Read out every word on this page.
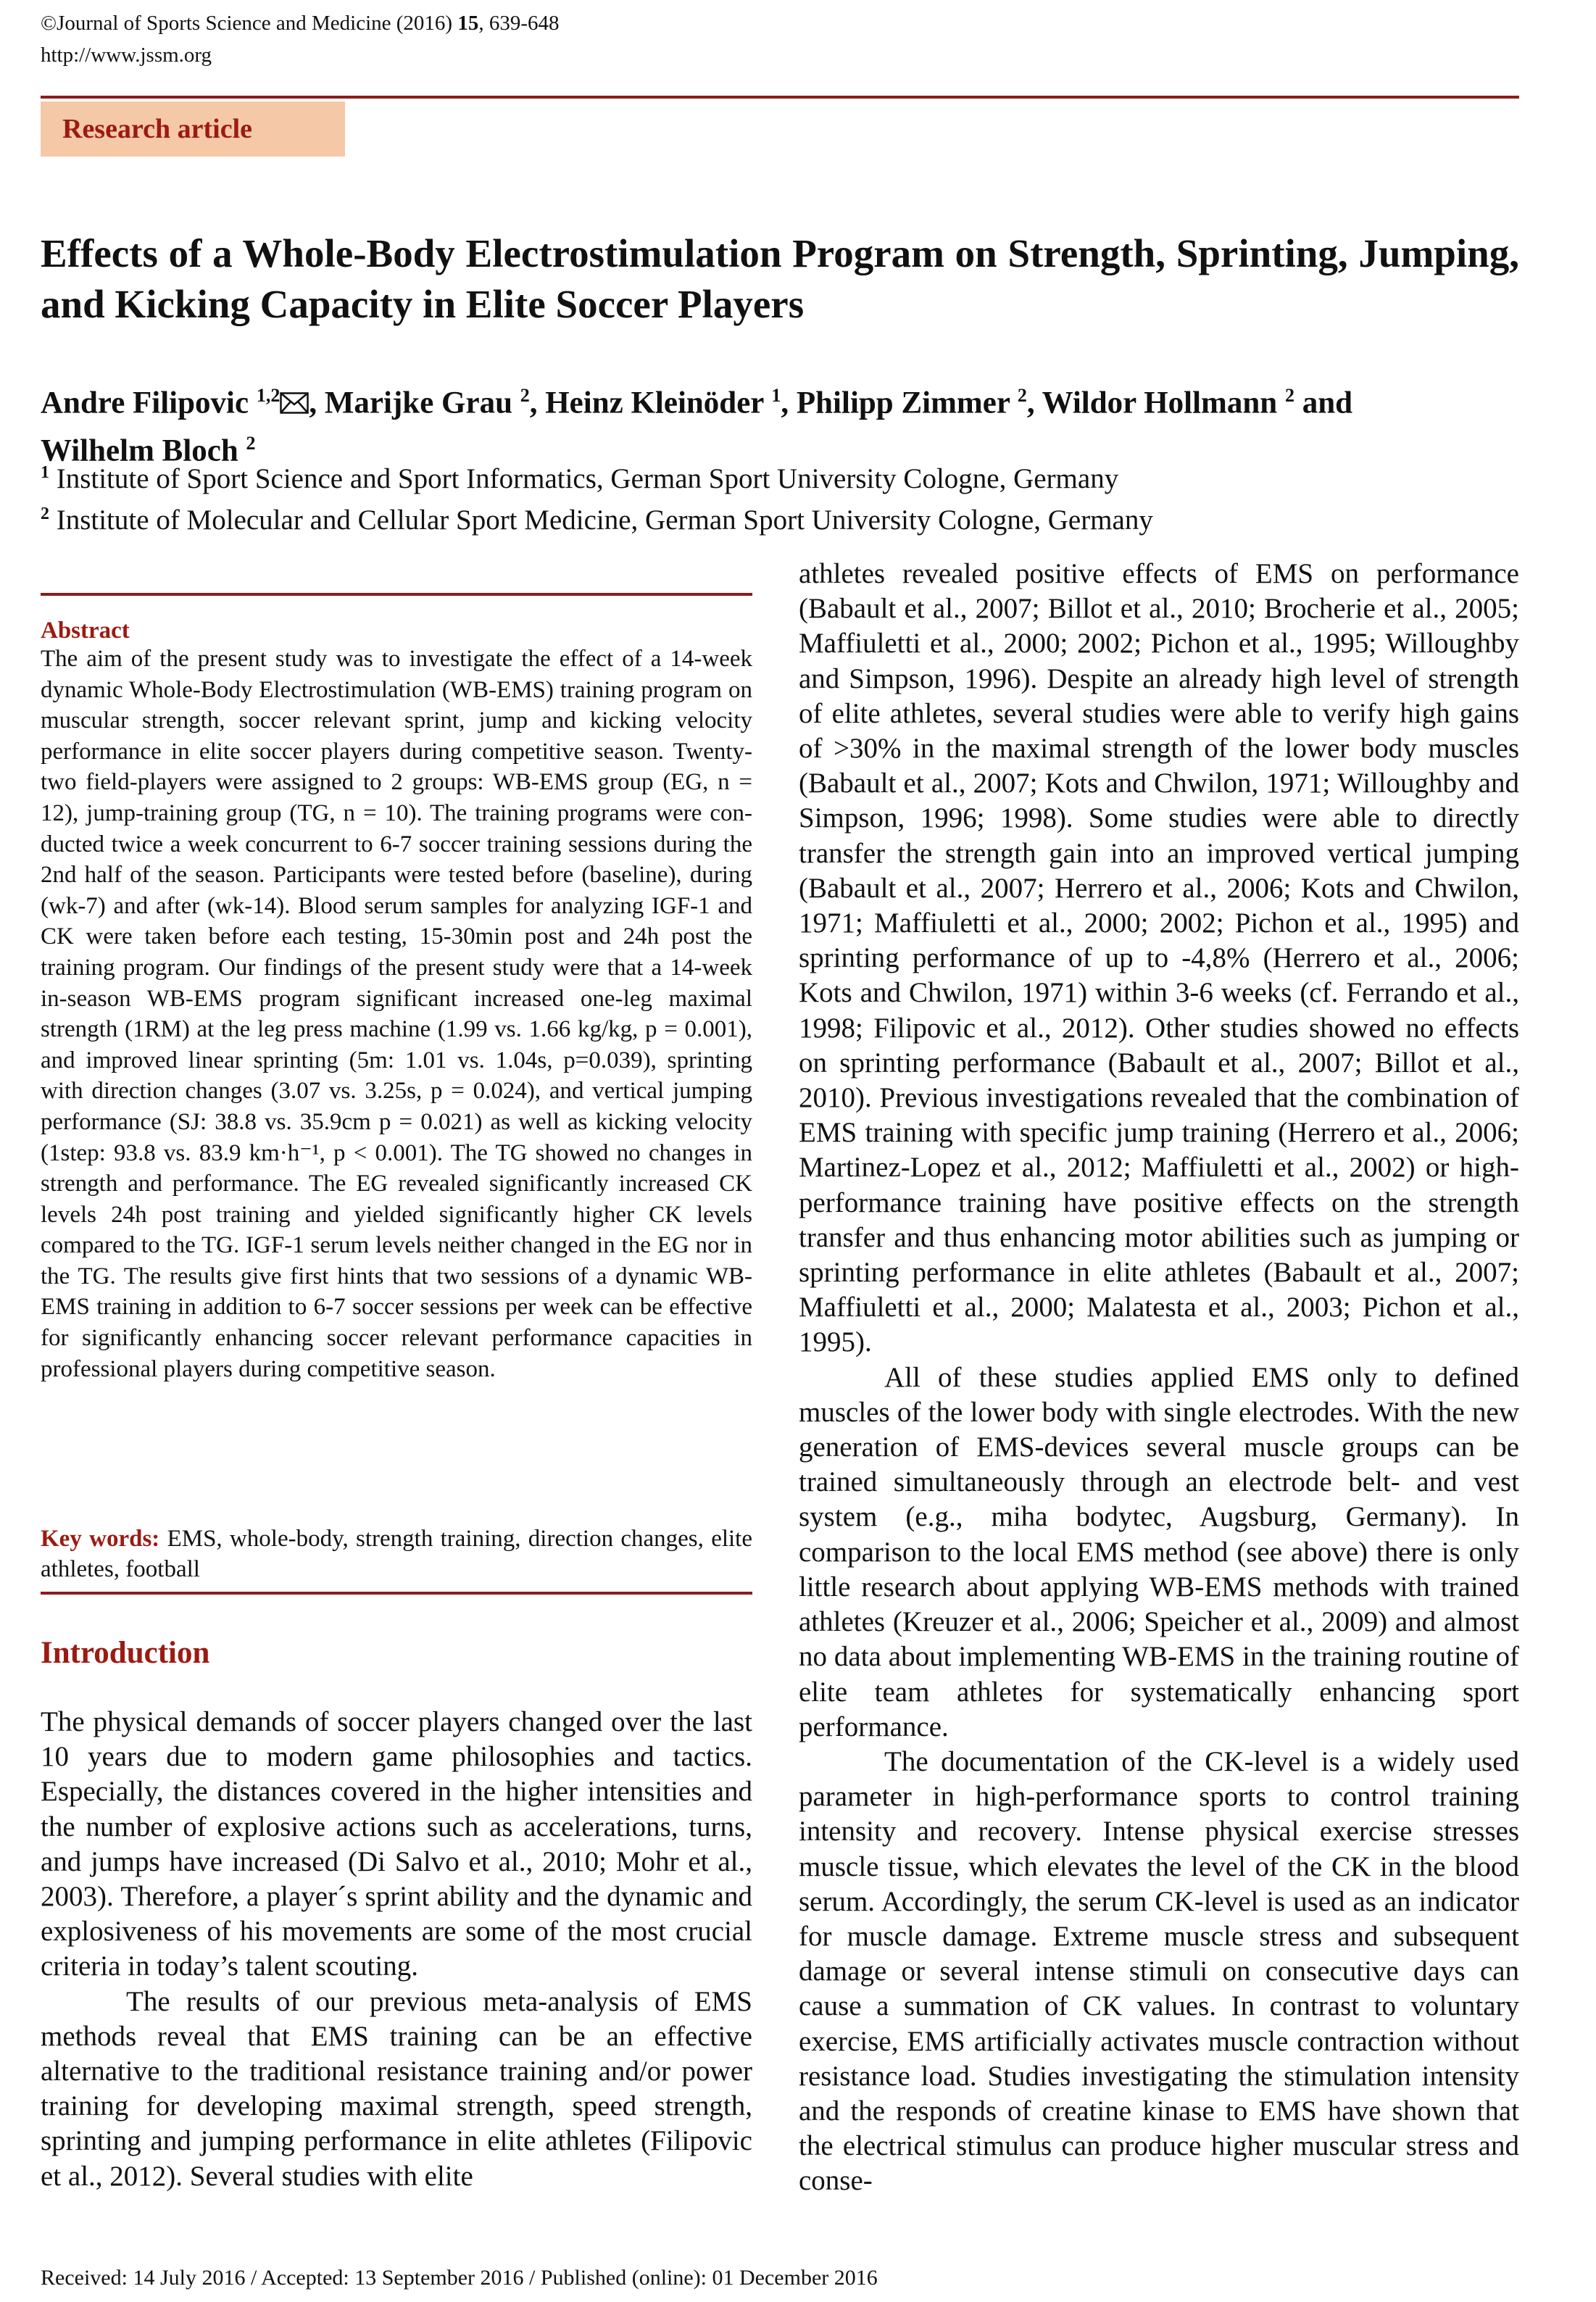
©Journal of Sports Science and Medicine (2016) 15, 639-648
http://www.jssm.org
Research article
Effects of a Whole-Body Electrostimulation Program on Strength, Sprinting, Jumping, and Kicking Capacity in Elite Soccer Players
Andre Filipovic $^{1,2}$ , Marijke Grau $^2$, Heinz Kleinöder $^1$, Philipp Zimmer $^2$, Wildor Hollmann $^2$ and
Wilhelm Bloch $^2$
$^1$ Institute of Sport Science and Sport Informatics, German Sport University Cologne, Germany
$^2$ Institute of Molecular and Cellular Sport Medicine, German Sport University Cologne, Germany
Abstract
The aim of the present study was to investigate the effect of a 14-week dynamic Whole-Body Electrostimulation (WB-EMS) training program on muscular strength, soccer relevant sprint, jump and kicking velocity performance in elite soccer players during competitive season. Twenty-two field-players were assigned to 2 groups: WB-EMS group (EG, n = 12), jump-training group (TG, n = 10). The training programs were conducted twice a week concurrent to 6-7 soccer training sessions during the 2nd half of the season. Participants were tested before (baseline), during (wk-7) and after (wk-14). Blood serum samples for analyzing IGF-1 and CK were taken before each testing, 15-30min post and 24h post the training program. Our findings of the present study were that a 14-week in-season WB-EMS program significant increased one-leg maximal strength (1RM) at the leg press machine (1.99 vs. 1.66 kg/kg, p = 0.001), and improved linear sprinting (5m: 1.01 vs. 1.04s, p=0.039), sprinting with direction changes (3.07 vs. 3.25s, p = 0.024), and vertical jumping performance (SJ: 38.8 vs. 35.9cm p = 0.021) as well as kicking velocity (1step: 93.8 vs. 83.9 km·h⁻¹, p < 0.001). The TG showed no changes in strength and performance. The EG revealed significantly increased CK levels 24h post training and yielded significantly higher CK levels compared to the TG. IGF-1 serum levels neither changed in the EG nor in the TG. The results give first hints that two sessions of a dynamic WB-EMS training in addition to 6-7 soccer sessions per week can be effective for significantly enhancing soccer relevant performance capacities in professional players during competitive season.
Key words: EMS, whole-body, strength training, direction changes, elite athletes, football
Introduction

The physical demands of soccer players changed over the last 10 years due to modern game philosophies and tactics. Especially, the distances covered in the higher intensities and the number of explosive actions such as accelerations, turns, and jumps have increased (Di Salvo et al., 2010; Mohr et al., 2003). Therefore, a player´s sprint ability and the dynamic and explosiveness of his movements are some of the most crucial criteria in today’s talent scouting.

The results of our previous meta-analysis of EMS methods reveal that EMS training can be an effective alternative to the traditional resistance training and/or power training for developing maximal strength, speed strength, sprinting and jumping performance in elite athletes (Filipovic et al., 2012). Several studies with elite

athletes revealed positive effects of EMS on performance (Babault et al., 2007; Billot et al., 2010; Brocherie et al., 2005; Maffiuletti et al., 2000; 2002; Pichon et al., 1995; Willoughby and Simpson, 1996). Despite an already high level of strength of elite athletes, several studies were able to verify high gains of >30% in the maximal strength of the lower body muscles (Babault et al., 2007; Kots and Chwilon, 1971; Willoughby and Simpson, 1996; 1998). Some studies were able to directly transfer the strength gain into an improved vertical jumping (Babault et al., 2007; Herrero et al., 2006; Kots and Chwilon, 1971; Maffiuletti et al., 2000; 2002; Pichon et al., 1995) and sprinting performance of up to -4,8% (Herrero et al., 2006; Kots and Chwilon, 1971) within 3-6 weeks (cf. Ferrando et al., 1998; Filipovic et al., 2012). Other studies showed no effects on sprinting performance (Babault et al., 2007; Billot et al., 2010). Previous investigations revealed that the combination of EMS training with specific jump training (Herrero et al., 2006; Martinez-Lopez et al., 2012; Maffiuletti et al., 2002) or high-performance training have positive effects on the strength transfer and thus enhancing motor abilities such as jumping or sprinting performance in elite athletes (Babault et al., 2007; Maffiuletti et al., 2000; Malatesta et al., 2003; Pichon et al., 1995).

All of these studies applied EMS only to defined muscles of the lower body with single electrodes. With the new generation of EMS-devices several muscle groups can be trained simultaneously through an electrode belt- and vest system (e.g., miha bodytec, Augsburg, Germany). In comparison to the local EMS method (see above) there is only little research about applying WB-EMS methods with trained athletes (Kreuzer et al., 2006; Speicher et al., 2009) and almost no data about implementing WB-EMS in the training routine of elite team athletes for systematically enhancing sport performance.

The documentation of the CK-level is a widely used parameter in high-performance sports to control training intensity and recovery. Intense physical exercise stresses muscle tissue, which elevates the level of the CK in the blood serum. Accordingly, the serum CK-level is used as an indicator for muscle damage. Extreme muscle stress and subsequent damage or several intense stimuli on consecutive days can cause a summation of CK values. In contrast to voluntary exercise, EMS artificially activates muscle contraction without resistance load. Studies investigating the stimulation intensity and the responds of creatine kinase to EMS have shown that the electrical stimulus can produce higher muscular stress and conse-

Received: 14 July 2016 / Accepted: 13 September 2016 / Published (online): 01 December 2016
